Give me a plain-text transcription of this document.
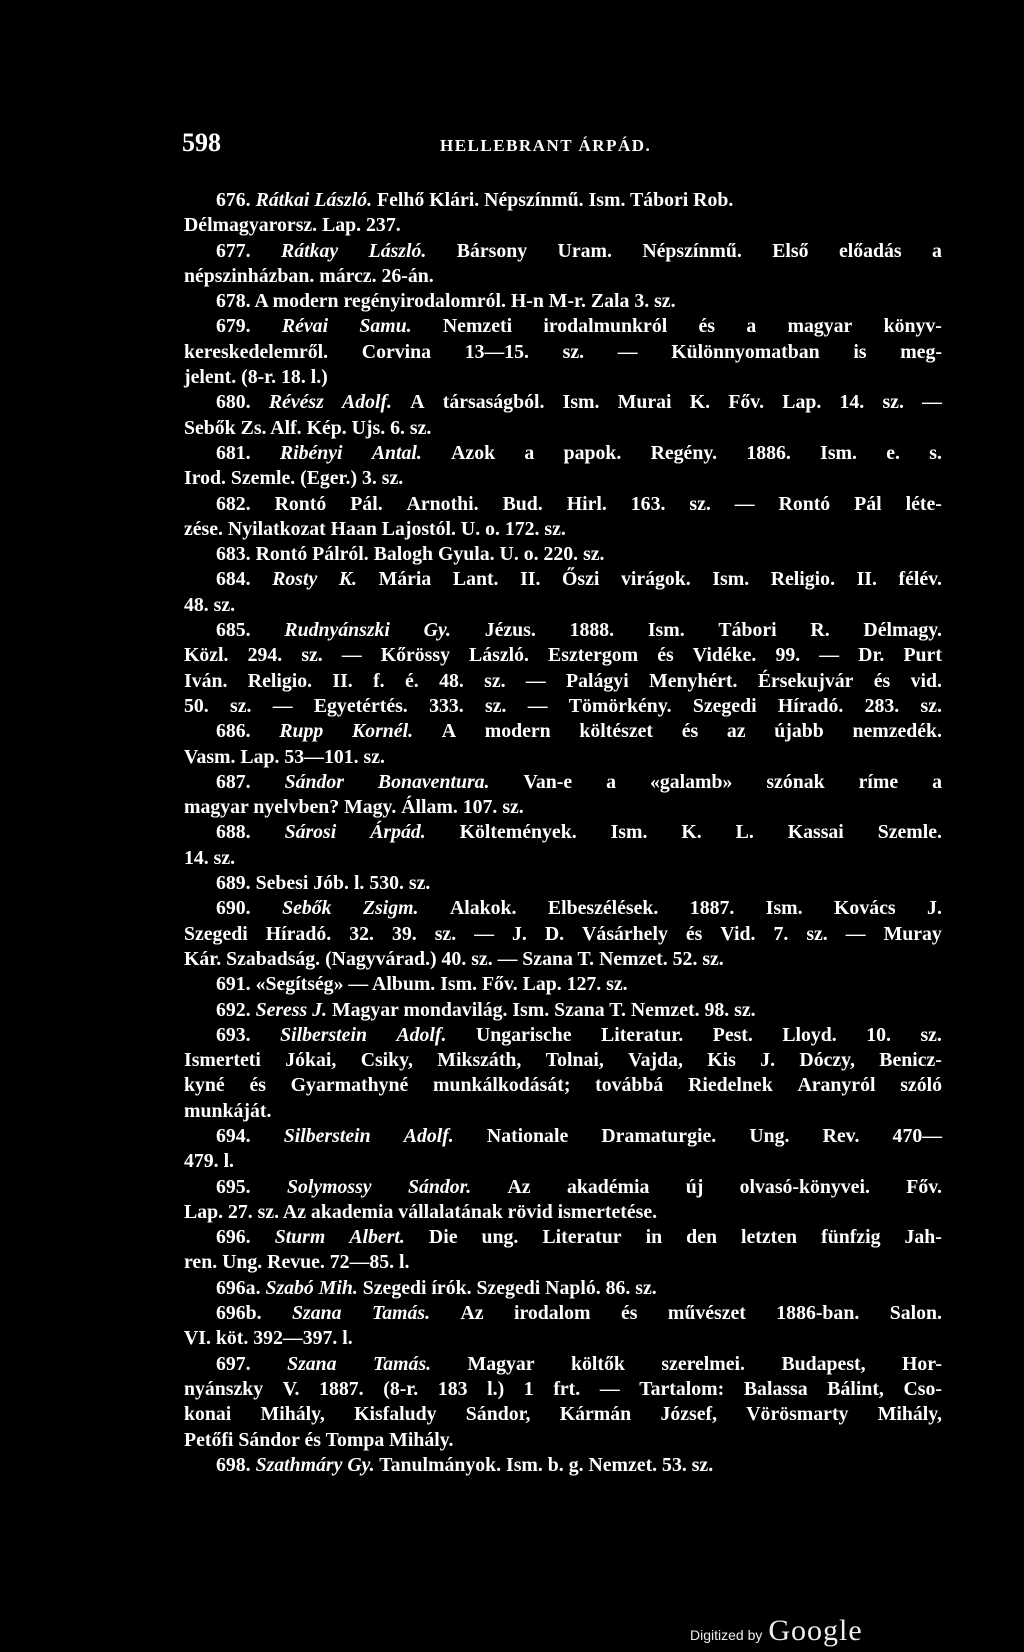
598	HELLEBRANT ÁRPÁD.
676. Rátkai László. Felhő Klári. Népszínmű. Ism. Tábori Rob.
Délmagyarorsz. Lap. 237.
677. Rátkay László. Bársony Uram. Népszínmű. Első előadás a
népszinházban. márcz. 26-án.
678. A modern regényirodalomról. H-n M-r. Zala 3. sz.
679. Révai Samu. Nemzeti irodalmunkról és a magyar könyv-
kereskedelemről. Corvina 13—15. sz. — Különnyomatban is meg-
jelent. (8-r. 18. l.)
680. Révész Adolf. A társaságból. Ism. Murai K. Főv. Lap. 14. sz. —
Sebők Zs. Alf. Kép. Ujs. 6. sz.
681. Ribényi Antal. Azok a papok. Regény. 1886. Ism. e. s.
Irod. Szemle. (Eger.) 3. sz.
682. Rontó Pál. Arnothi. Bud. Hirl. 163. sz. — Rontó Pál léte-
zése. Nyilatkozat Haan Lajostól. U. o. 172. sz.
683. Rontó Pálról. Balogh Gyula. U. o. 220. sz.
684. Rosty K. Mária Lant. II. Őszi virágok. Ism. Religio. II. félév.
48. sz.
685. Rudnyánszki Gy. Jézus. 1888. Ism. Tábori R. Délmagy.
Közl. 294. sz. — Kőrössy László. Esztergom és Vidéke. 99. — Dr. Purt
Iván. Religio. II. f. é. 48. sz. — Palágyi Menyhért. Érsekujvár és vid.
50. sz. — Egyetértés. 333. sz. — Tömörkény. Szegedi Híradó. 283. sz.
686. Rupp Kornél. A modern költészet és az újabb nemzedék.
Vasm. Lap. 53—101. sz.
687. Sándor Bonaventura. Van-e a «galamb» szónak ríme a
magyar nyelvben? Magy. Állam. 107. sz.
688. Sárosi Árpád. Költemények. Ism. K. L. Kassai Szemle.
14. sz.
689. Sebesi Jób. l. 530. sz.
690. Sebők Zsigm. Alakok. Elbeszélések. 1887. Ism. Kovács J.
Szegedi Híradó. 32. 39. sz. — J. D. Vásárhely és Vid. 7. sz. — Muray
Kár. Szabadság. (Nagyvárad.) 40. sz. — Szana T. Nemzet. 52. sz.
691. «Segítség» — Album. Ism. Főv. Lap. 127. sz.
692. Seress J. Magyar mondavilág. Ism. Szana T. Nemzet. 98. sz.
693. Silberstein Adolf. Ungarische Literatur. Pest. Lloyd. 10. sz.
Ismerteti Jókai, Csiky, Mikszáth, Tolnai, Vajda, Kis J. Dóczy, Benicz-
kyné és Gyarmathyné munkálkodását; továbbá Riedelnek Aranyról szóló
munkáját.
694. Silberstein Adolf. Nationale Dramaturgie. Ung. Rev. 470—
479. l.
695. Solymossy Sándor. Az akadémia új olvasó-könyvei. Főv.
Lap. 27. sz. Az akademia vállalatának rövid ismertetése.
696. Sturm Albert. Die ung. Literatur in den letzten fünfzig Jah-
ren. Ung. Revue. 72—85. l.
696a. Szabó Mih. Szegedi írók. Szegedi Napló. 86. sz.
696b. Szana Tamás. Az irodalom és művészet 1886-ban. Salon.
VI. köt. 392—397. l.
697. Szana Tamás. Magyar költők szerelmei. Budapest, Hor-
nyánszky V. 1887. (8-r. 183 l.) 1 frt. — Tartalom: Balassa Bálint, Cso-
konai Mihály, Kisfaludy Sándor, Kármán József, Vörösmarty Mihály,
Petőfi Sándor és Tompa Mihály.
698. Szathmáry Gy. Tanulmányok. Ism. b. g. Nemzet. 53. sz.
Digitized by Google
